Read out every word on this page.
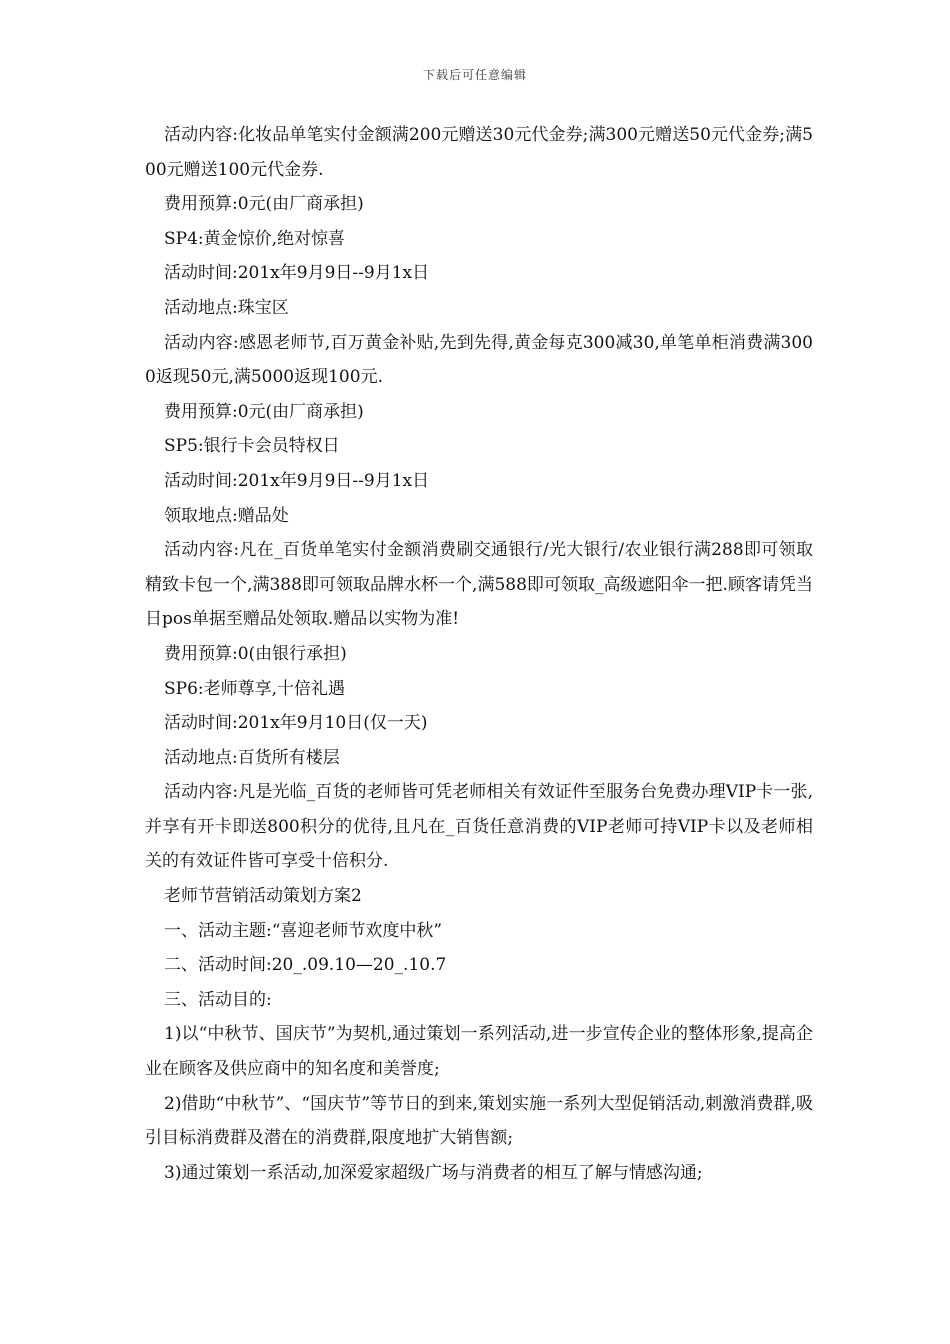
下载后可任意编辑

活动内容:化妆品单笔实付金额满200元赠送30元代金券;满300元赠送50元代金券;满500元赠送100元代金券.

费用预算:0元(由厂商承担)

SP4:黄金惊价,绝对惊喜

活动时间:201x年9月9日--9月1x日

活动地点:珠宝区

活动内容:感恩老师节,百万黄金补贴,先到先得,黄金每克300减30,单笔单柜消费满3000返现50元,满5000返现100元.

费用预算:0元(由厂商承担)

SP5:银行卡会员特权日

活动时间:201x年9月9日--9月1x日

领取地点:赠品处

活动内容:凡在_百货单笔实付金额消费刷交通银行/光大银行/农业银行满288即可领取精致卡包一个,满388即可领取品牌水杯一个,满588即可领取_高级遮阳伞一把.顾客请凭当日pos单据至赠品处领取.赠品以实物为准!

费用预算:0(由银行承担)

SP6:老师尊享,十倍礼遇

活动时间:201x年9月10日(仅一天)

活动地点:百货所有楼层

活动内容:凡是光临_百货的老师皆可凭老师相关有效证件至服务台免费办理VIP卡一张,并享有开卡即送800积分的优待,且凡在_百货任意消费的VIP老师可持VIP卡以及老师相关的有效证件皆可享受十倍积分.

老师节营销活动策划方案2

一、活动主题:“喜迎老师节欢度中秋”

二、活动时间:20_.09.10—20_.10.7

三、活动目的:

1)以“中秋节、国庆节”为契机,通过策划一系列活动,进一步宣传企业的整体形象,提高企业在顾客及供应商中的知名度和美誉度;

2)借助“中秋节”、“国庆节”等节日的到来,策划实施一系列大型促销活动,刺激消费群,吸引目标消费群及潜在的消费群,限度地扩大销售额;

3)通过策划一系活动,加深爱家超级广场与消费者的相互了解与情感沟通;
